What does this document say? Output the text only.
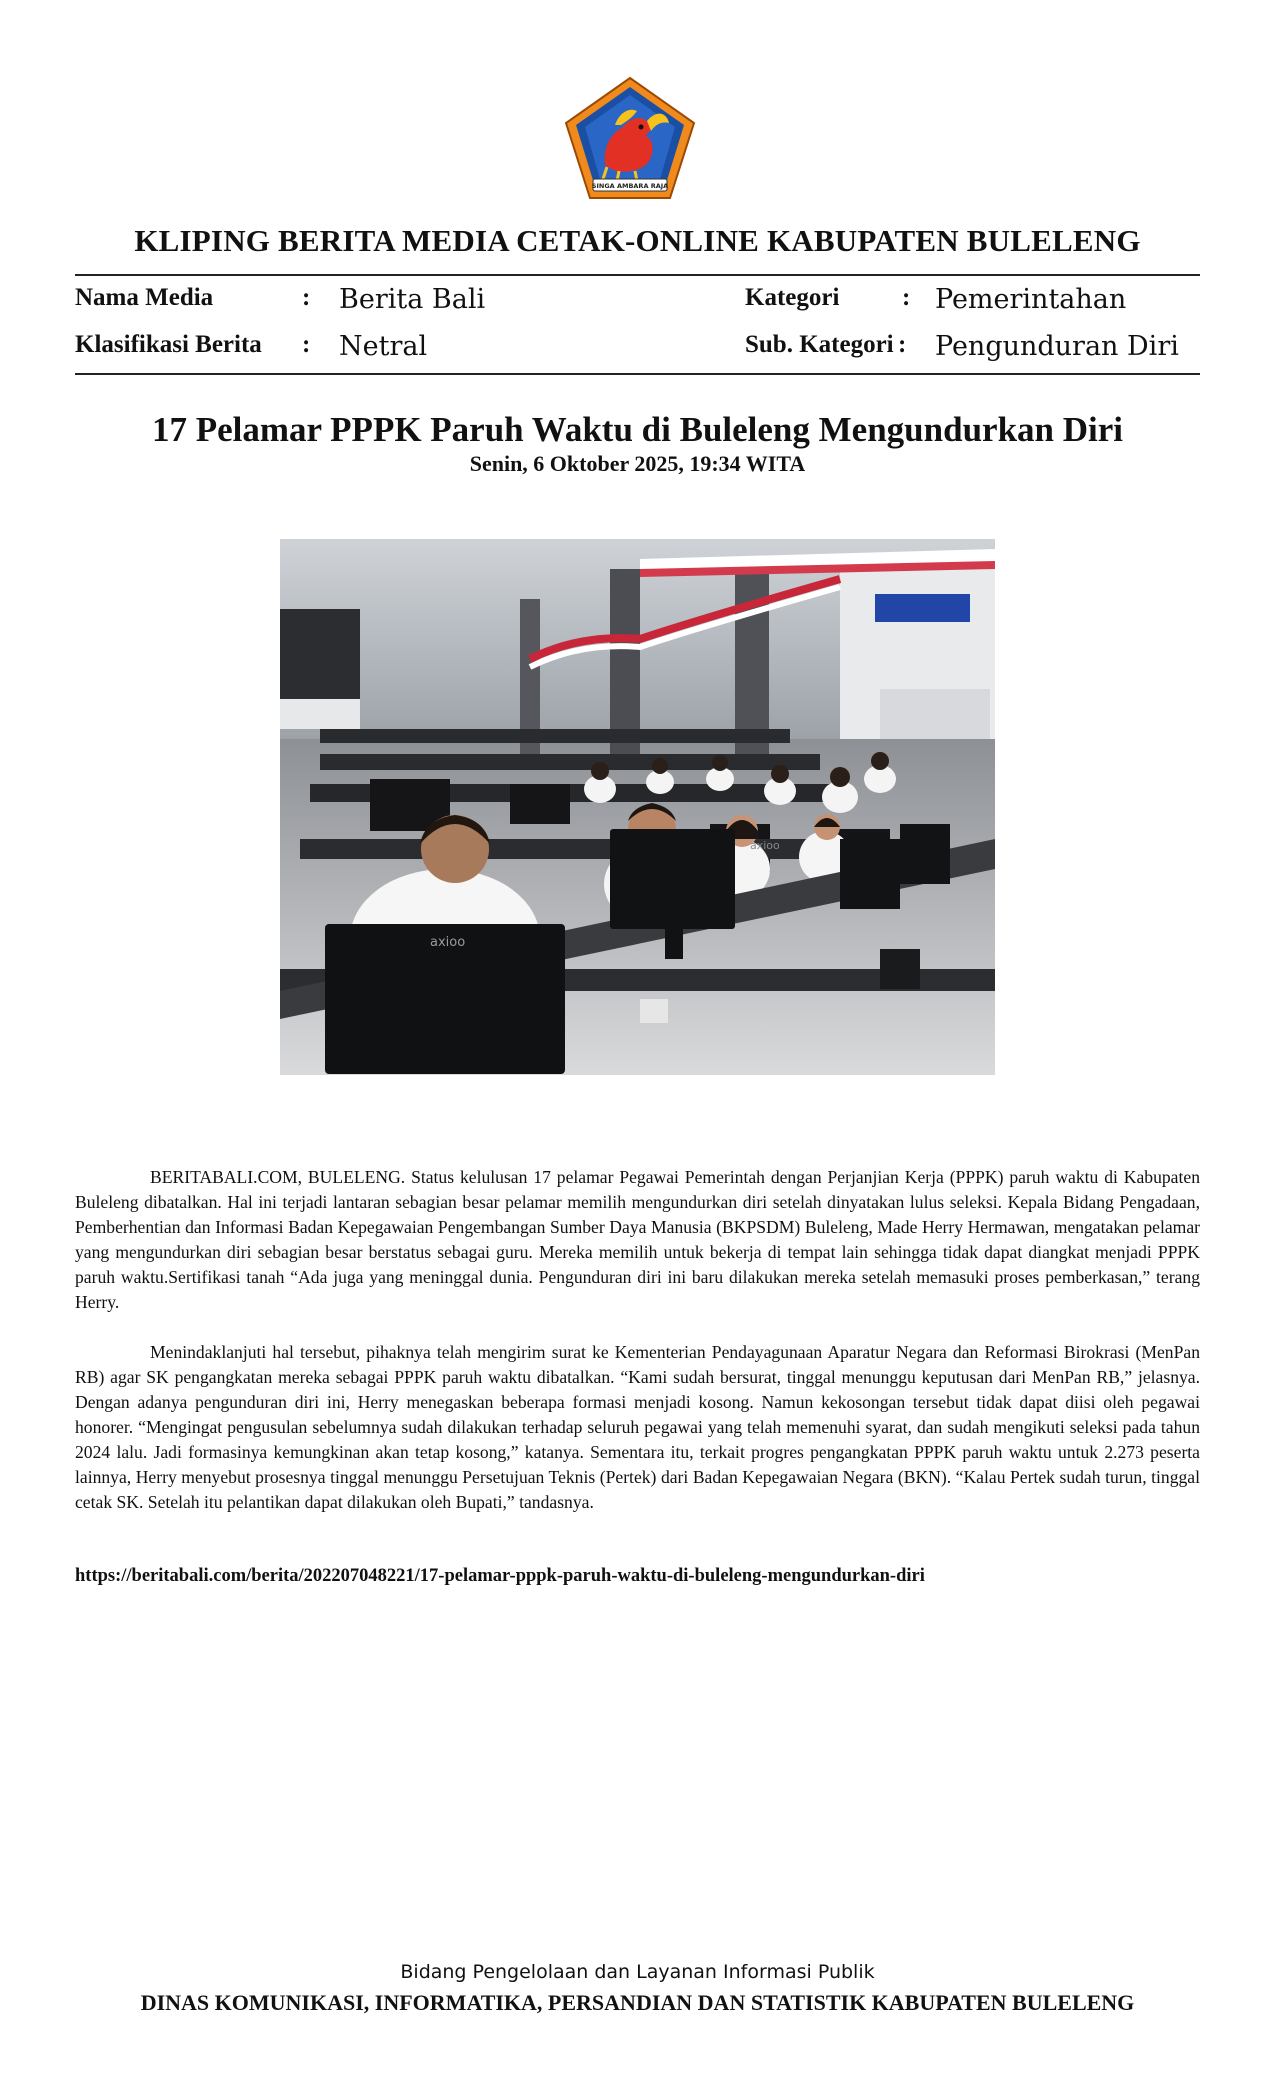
SINGA AMBARA RAJA
KLIPING BERITA MEDIA CETAK-ONLINE KABUPATEN BULELENG
Nama Media	: Berita Bali	Kategori	: Pemerintahan
Klasifikasi Berita : Netral	Sub. Kategori : Pengunduran Diri
17 Pelamar PPPK Paruh Waktu di Buleleng Mengundurkan Diri
Senin, 6 Oktober 2025, 19:34 WITA
axioo
axioo

BERITABALI.COM, BULELENG. Status kelulusan 17 pelamar Pegawai Pemerintah dengan Perjanjian Kerja (PPPK) paruh waktu di Kabupaten Buleleng dibatalkan. Hal ini terjadi lantaran sebagian besar pelamar memilih mengundurkan diri setelah dinyatakan lulus seleksi. Kepala Bidang Pengadaan, Pemberhentian dan Informasi Badan Kepegawaian Pengembangan Sumber Daya Manusia (BKPSDM) Buleleng, Made Herry Hermawan, mengatakan pelamar yang mengundurkan diri sebagian besar berstatus sebagai guru. Mereka memilih untuk bekerja di tempat lain sehingga tidak dapat diangkat menjadi PPPK paruh waktu.Sertifikasi tanah “Ada juga yang meninggal dunia. Pengunduran diri ini baru dilakukan mereka setelah memasuki proses pemberkasan,” terang Herry.

Menindaklanjuti hal tersebut, pihaknya telah mengirim surat ke Kementerian Pendayagunaan Aparatur Negara dan Reformasi Birokrasi (MenPan RB) agar SK pengangkatan mereka sebagai PPPK paruh waktu dibatalkan. “Kami sudah bersurat, tinggal menunggu keputusan dari MenPan RB,” jelasnya. Dengan adanya pengunduran diri ini, Herry menegaskan beberapa formasi menjadi kosong. Namun kekosongan tersebut tidak dapat diisi oleh pegawai honorer. “Mengingat pengusulan sebelumnya sudah dilakukan terhadap seluruh pegawai yang telah memenuhi syarat, dan sudah mengikuti seleksi pada tahun 2024 lalu. Jadi formasinya kemungkinan akan tetap kosong,” katanya. Sementara itu, terkait progres pengangkatan PPPK paruh waktu untuk 2.273 peserta lainnya, Herry menyebut prosesnya tinggal menunggu Persetujuan Teknis (Pertek) dari Badan Kepegawaian Negara (BKN). “Kalau Pertek sudah turun, tinggal cetak SK. Setelah itu pelantikan dapat dilakukan oleh Bupati,” tandasnya.

https://beritabali.com/berita/202207048221/17-pelamar-pppk-paruh-waktu-di-buleleng-mengundurkan-diri
Bidang Pengelolaan dan Layanan Informasi Publik
DINAS KOMUNIKASI, INFORMATIKA, PERSANDIAN DAN STATISTIK KABUPATEN BULELENG
